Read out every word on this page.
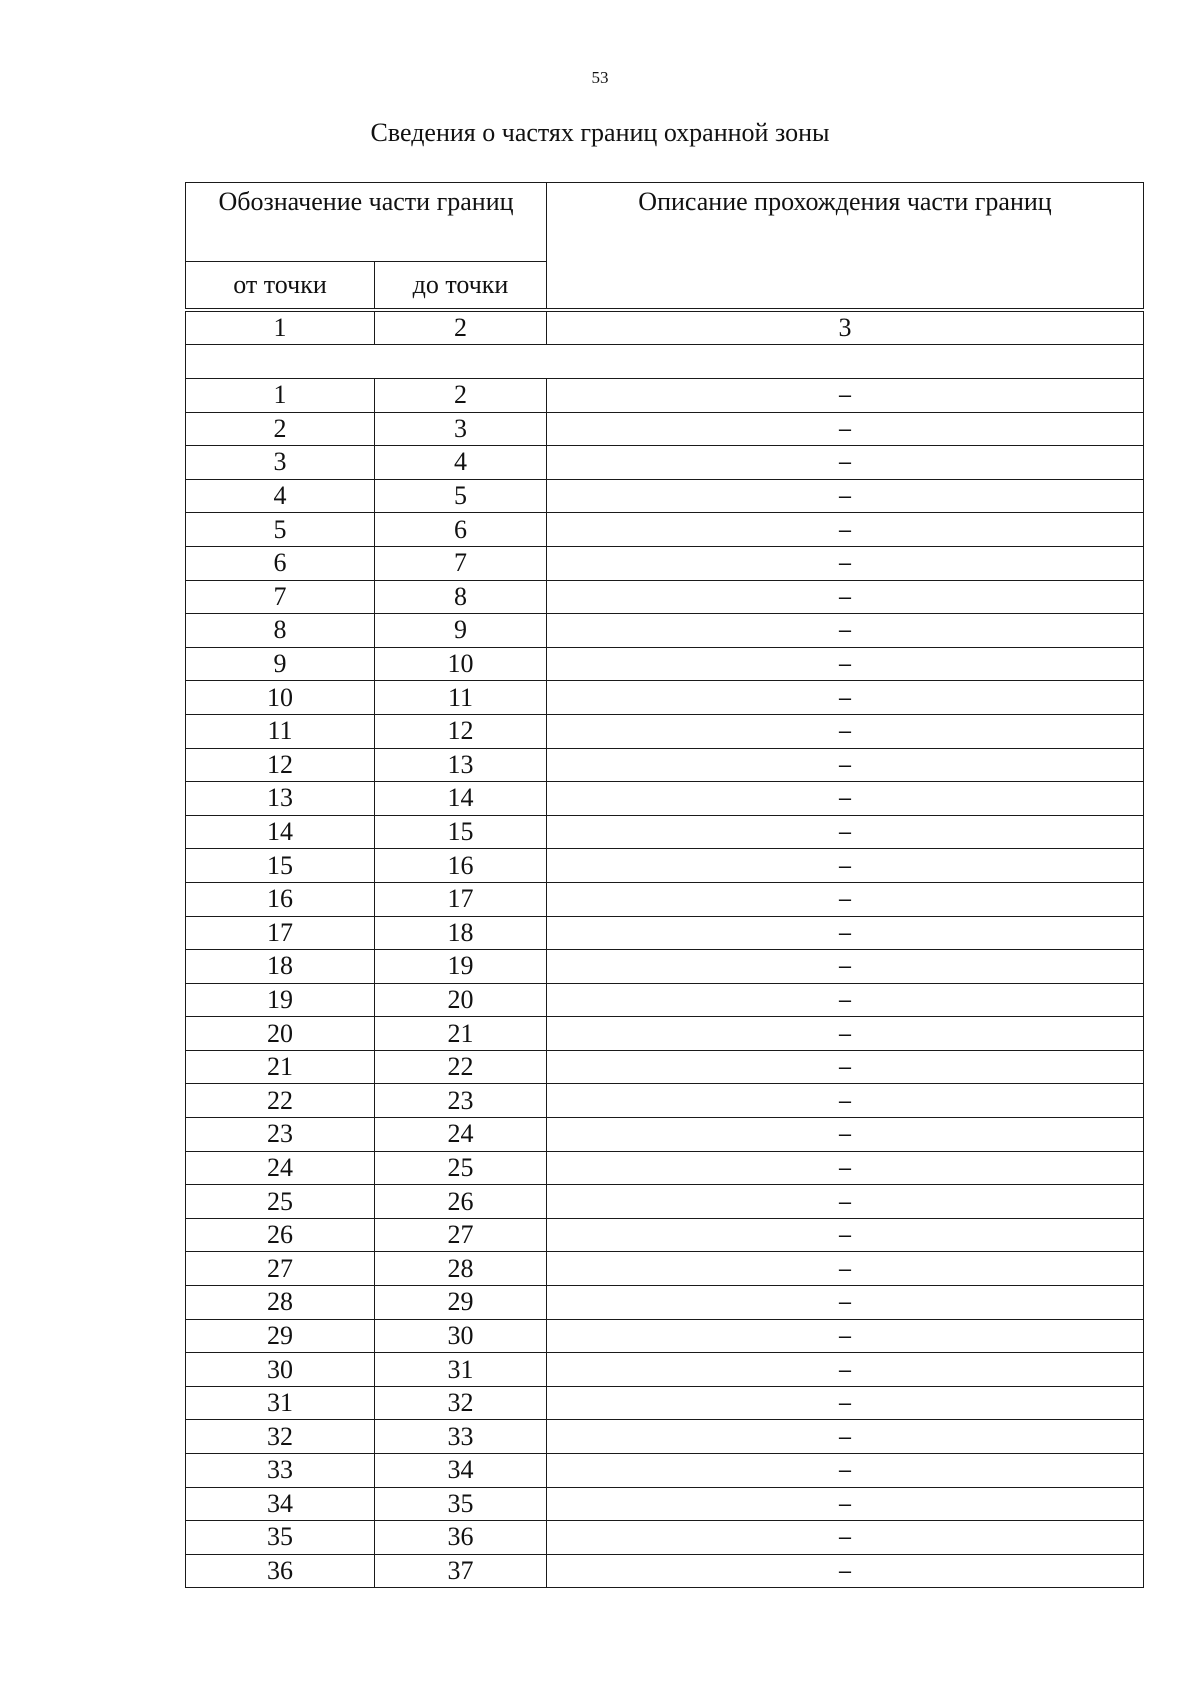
53
Сведения о частях границ охранной зоны
Обозначение части границ		Описание прохождения части границ
от точки	до точки	

1	2	3

1	2	–
2	3	–
3	4	–
4	5	–
5	6	–
6	7	–
7	8	–
8	9	–
9	10	–
10	11	–
11	12	–
12	13	–
13	14	–
14	15	–
15	16	–
16	17	–
17	18	–
18	19	–
19	20	–
20	21	–
21	22	–
22	23	–
23	24	–
24	25	–
25	26	–
26	27	–
27	28	–
28	29	–
29	30	–
30	31	–
31	32	–
32	33	–
33	34	–
34	35	–
35	36	–
36	37	–
